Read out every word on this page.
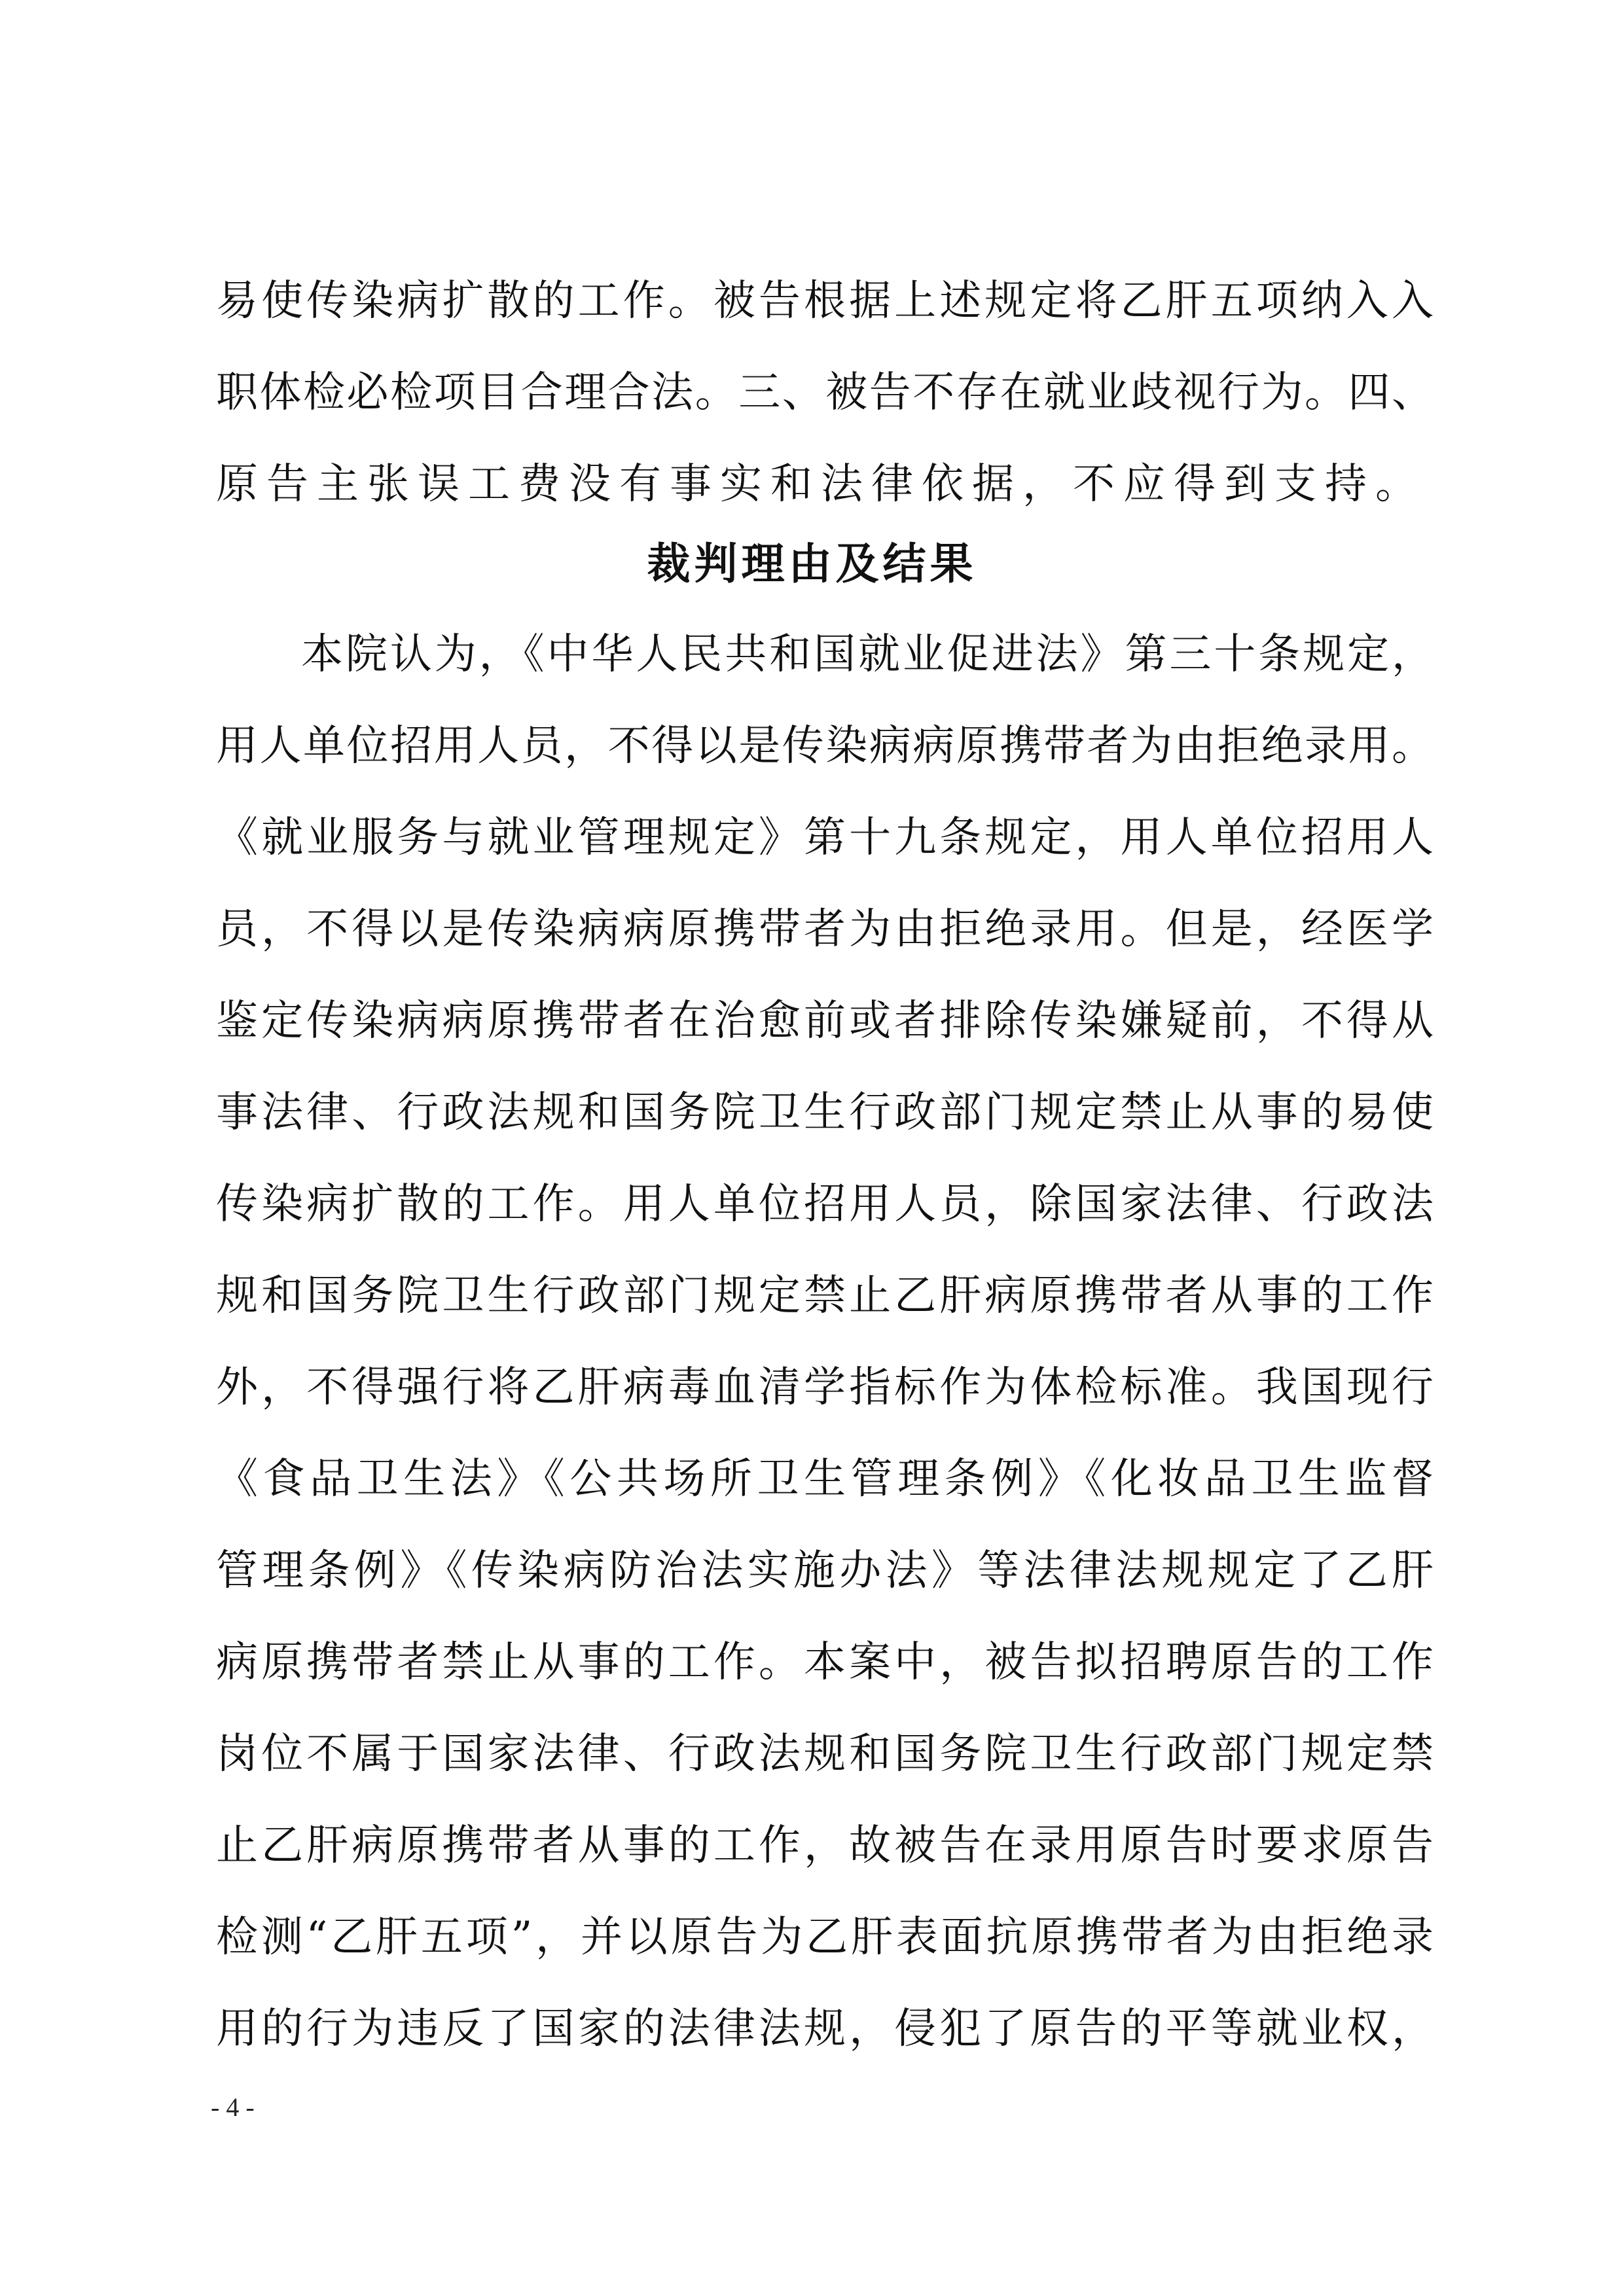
易使传染病扩散的工作。被告根据上述规定将乙肝五项纳入入
职体检必检项目合理合法。三、被告不存在就业歧视行为。四、
原告主张误工费没有事实和法律依据，不应得到支持。
裁判理由及结果
本院认为，《中华人民共和国就业促进法》第三十条规定，
用人单位招用人员，不得以是传染病病原携带者为由拒绝录用。
《就业服务与就业管理规定》第十九条规定，用人单位招用人
员，不得以是传染病病原携带者为由拒绝录用。但是，经医学
鉴定传染病病原携带者在治愈前或者排除传染嫌疑前，不得从
事法律、行政法规和国务院卫生行政部门规定禁止从事的易使
传染病扩散的工作。用人单位招用人员，除国家法律、行政法
规和国务院卫生行政部门规定禁止乙肝病原携带者从事的工作
外，不得强行将乙肝病毒血清学指标作为体检标准。我国现行
《食品卫生法》《公共场所卫生管理条例》《化妆品卫生监督
管理条例》《传染病防治法实施办法》等法律法规规定了乙肝
病原携带者禁止从事的工作。本案中，被告拟招聘原告的工作
岗位不属于国家法律、行政法规和国务院卫生行政部门规定禁
止乙肝病原携带者从事的工作，故被告在录用原告时要求原告
检测“乙肝五项”，并以原告为乙肝表面抗原携带者为由拒绝录
用的行为违反了国家的法律法规，侵犯了原告的平等就业权，
- 4 -
